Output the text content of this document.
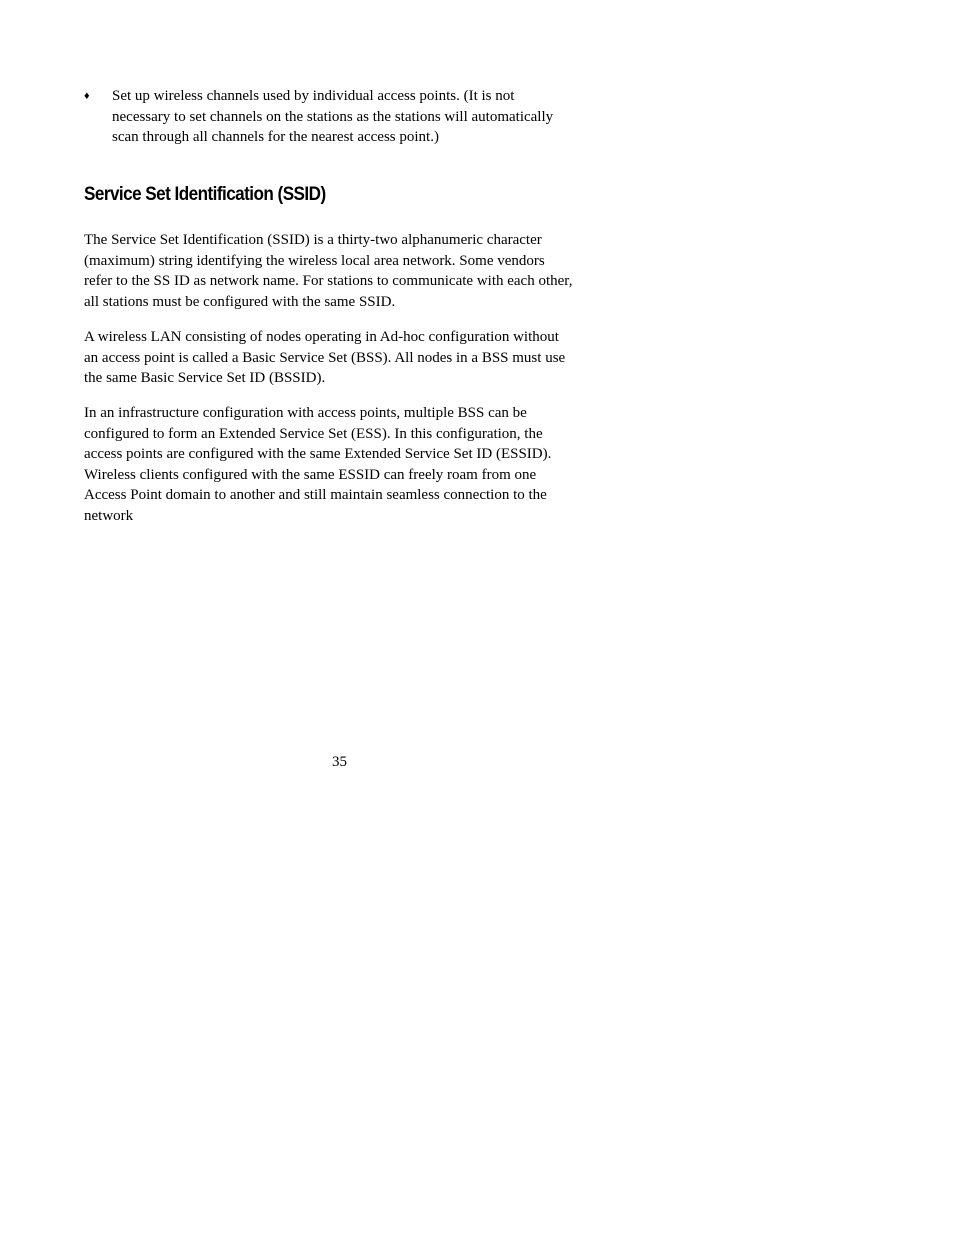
♦	Set up wireless channels used by individual access points. (It is not
necessary to set channels on the stations as the stations will automatically
scan through all channels for the nearest access point.)
Service Set Identification (SSID)
The Service Set Identification (SSID) is a thirty-two alphanumeric character
(maximum) string identifying the wireless local area network. Some vendors
refer to the SS ID as network name. For stations to communicate with each other,
all stations must be configured with the same SSID.
A wireless LAN consisting of nodes operating in Ad-hoc configuration without
an access point is called a Basic Service Set (BSS). All nodes in a BSS must use
the same Basic Service Set ID (BSSID).
In an infrastructure configuration with access points, multiple BSS can be
configured to form an Extended Service Set (ESS). In this configuration, the
access points are configured with the same Extended Service Set ID (ESSID).
Wireless clients configured with the same ESSID can freely roam from one
Access Point domain to another and still maintain seamless connection to the
network
35
